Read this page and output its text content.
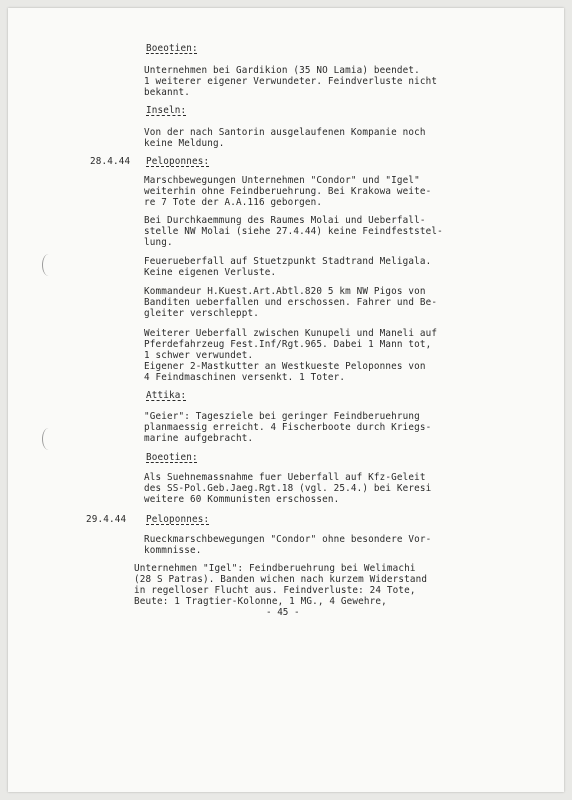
Boeotien:
Unternehmen bei Gardikion (35 NO Lamia) beendet.
1 weiterer eigener Verwundeter. Feindverluste nicht
bekannt.
Inseln:
Von der nach Santorin ausgelaufenen Kompanie noch
keine Meldung.
28.4.44 Peloponnes:
Marschbewegungen Unternehmen "Condor" und "Igel"
weiterhin ohne Feindberuehrung. Bei Krakowa weite-
re 7 Tote der A.A.116 geborgen.
Bei Durchkaemmung des Raumes Molai und Ueberfall-
stelle NW Molai (siehe 27.4.44) keine Feindfeststel-
lung.
Feuerueberfall auf Stuetzpunkt Stadtrand Meligala.
Keine eigenen Verluste.
Kommandeur H.Kuest.Art.Abtl.820 5 km NW Pigos von
Banditen ueberfallen und erschossen. Fahrer und Be-
gleiter verschleppt.
Weiterer Ueberfall zwischen Kunupeli und Maneli auf
Pferdefahrzeug Fest.Inf/Rgt.965. Dabei 1 Mann tot,
1 schwer verwundet.
Eigener 2-Mastkutter an Westkueste Peloponnes von
4 Feindmaschinen versenkt. 1 Toter.
Attika:
"Geier": Tagesziele bei geringer Feindberuehrung
planmaessig erreicht. 4 Fischerboote durch Kriegs-
marine aufgebracht.
Boeotien:
Als Suehnemassnahme fuer Ueberfall auf Kfz-Geleit
des SS-Pol.Geb.Jaeg.Rgt.18 (vgl. 25.4.) bei Keresi
weitere 60 Kommunisten erschossen.
29.4.44 Peloponnes:
Rueckmarschbewegungen "Condor" ohne besondere Vor-
kommnisse.
Unternehmen "Igel": Feindberuehrung bei Welimachi
(28 S Patras). Banden wichen nach kurzem Widerstand
in regelloser Flucht aus. Feindverluste: 24 Tote,
Beute: 1 Tragtier-Kolonne, 1 MG., 4 Gewehre,
- 45 -
